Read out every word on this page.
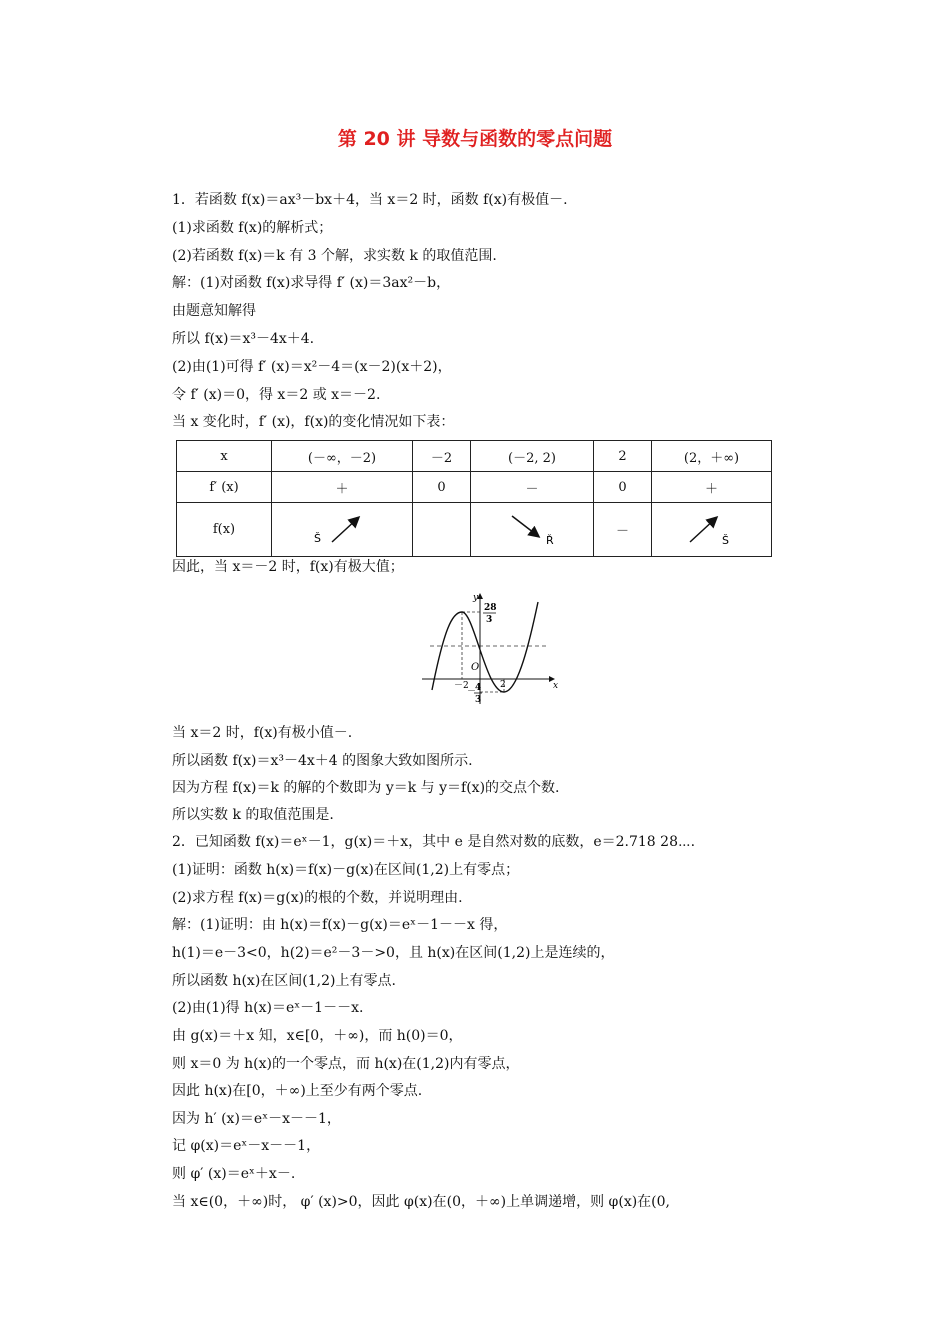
第 20 讲 导数与函数的零点问题
1．若函数 f(x)＝ax³－bx＋4，当 x＝2 时，函数 f(x)有极值－.
(1)求函数 f(x)的解析式；
(2)若函数 f(x)＝k 有 3 个解，求实数 k 的取值范围.
解：(1)对函数 f(x)求导得 f′ (x)＝3ax²－b，
由题意知解得
所以 f(x)＝x³－4x＋4.
(2)由(1)可得 f′ (x)＝x²－4＝(x－2)(x＋2)，
令 f′ (x)＝0，得 x＝2 或 x＝－2.
当 x 变化时，f′ (x)，f(x)的变化情况如下表：
x	(－∞，－2)	－2	(－2, 2)	2	(2，＋∞)
f′ (x)	＋	0	－	0	＋
f(x)	Š		Ř	－	Š
因此，当 x＝－2 时，f(x)有极大值；
y
x
O
28
3
－2	2
－
4
3
当 x＝2 时，f(x)有极小值－.
所以函数 f(x)＝x³－4x＋4 的图象大致如图所示.
因为方程 f(x)＝k 的解的个数即为 y＝k 与 y＝f(x)的交点个数.
所以实数 k 的取值范围是.
2．已知函数 f(x)＝eˣ－1，g(x)＝＋x，其中 e 是自然对数的底数，e＝2.718 28⋯.
(1)证明：函数 h(x)＝f(x)－g(x)在区间(1,2)上有零点；
(2)求方程 f(x)＝g(x)的根的个数，并说明理由.
解：(1)证明：由 h(x)＝f(x)－g(x)＝eˣ－1－－x 得，
h(1)＝e－3<0，h(2)＝e²－3－>0，且 h(x)在区间(1,2)上是连续的，
所以函数 h(x)在区间(1,2)上有零点.
(2)由(1)得 h(x)＝eˣ－1－－x.
由 g(x)＝＋x 知，x∈[0，＋∞)，而 h(0)＝0，
则 x＝0 为 h(x)的一个零点，而 h(x)在(1,2)内有零点，
因此 h(x)在[0，＋∞)上至少有两个零点.
因为 h′ (x)＝eˣ－x－－1，
记 φ(x)＝eˣ－x－－1，
则 φ′ (x)＝eˣ＋x－.
当 x∈(0，＋∞)时， φ′ (x)>0，因此 φ(x)在(0，＋∞)上单调递增，则 φ(x)在(0,
